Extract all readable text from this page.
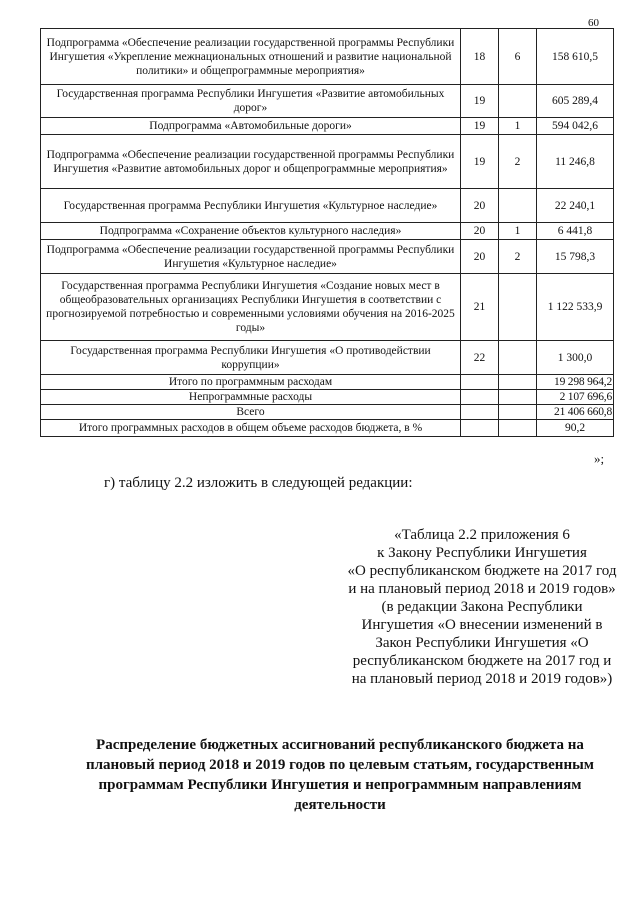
60
Подпрограмма «Обеспечение реализации государственной программы Республики Ингушетия «Укрепление межнациональных отношений и развитие национальной политики» и общепрограммные мероприятия»	18	6	158 610,5
Государственная программа Республики Ингушетия «Развитие автомобильных дорог»	19		605 289,4
Подпрограмма «Автомобильные дороги»	19	1	594 042,6
Подпрограмма «Обеспечение реализации государственной программы Республики Ингушетия «Развитие автомобильных дорог и общепрограммные мероприятия»	19	2	11 246,8
Государственная программа Республики Ингушетия «Культурное наследие»	20		22 240,1
Подпрограмма «Сохранение объектов культурного наследия»	20	1	6 441,8
Подпрограмма «Обеспечение реализации государственной программы Республики Ингушетия «Культурное наследие»	20	2	15 798,3
Государственная программа Республики Ингушетия «Создание новых мест в общеобразовательных организациях Республики Ингушетия в соответствии с прогнозируемой потребностью и современными условиями обучения на 2016-2025 годы»	21		1 122 533,9
Государственная программа Республики Ингушетия «О противодействии коррупции»	22		1 300,0
Итого по программным расходам			19 298 964,2
Непрограммные расходы			2 107 696,6
Всего			21 406 660,8
Итого программных расходов в общем объеме расходов бюджета, в %			90,2
»;
г) таблицу 2.2 изложить в следующей редакции:

«Таблица 2.2 приложения 6

к Закону Республики Ингушетия

«О республиканском бюджете на 2017 год и на плановый период 2018 и 2019 годов» (в редакции Закона Республики Ингушетия «О внесении изменений в Закон Республики Ингушетия «О республиканском бюджете на 2017 год и на плановый период 2018 и 2019 годов»)

Распределение бюджетных ассигнований республиканского бюджета на плановый период 2018 и 2019 годов по целевым статьям, государственным программам Республики Ингушетия и непрограммным направлениям деятельности
